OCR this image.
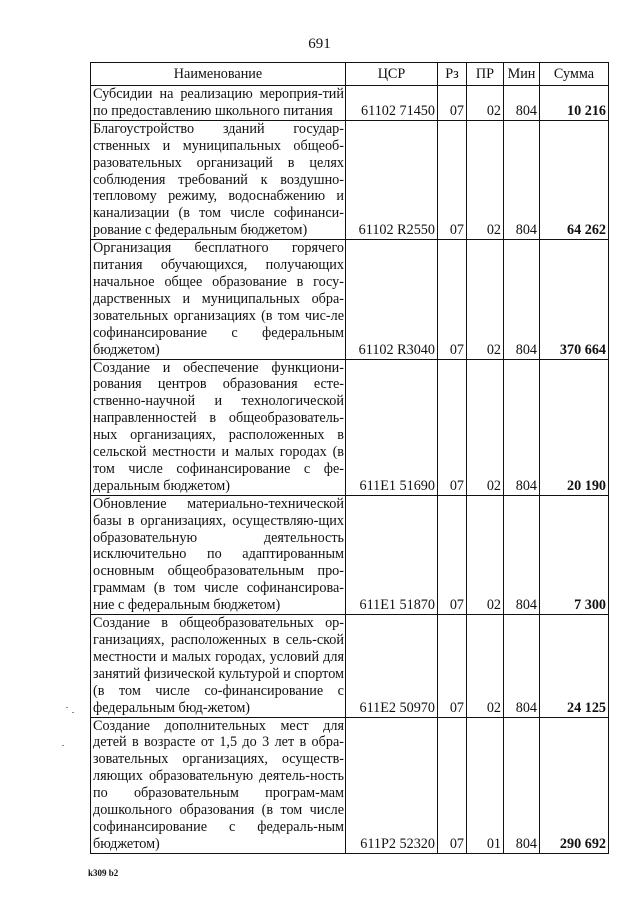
691
Наименование	ЦСР	Рз	ПР	Мин	Сумма
Субсидии на реализацию мероприя-тий по предоставлению школьного питания	61102 71450	07	02	804	10 216
Благоустройство зданий государ-ственных и муниципальных общеоб-разовательных организаций в целях соблюдения требований к воздушно-тепловому режиму, водоснабжению и канализации (в том числе софинанси-рование с федеральным бюджетом)	61102 R2550	07	02	804	64 262
Организация бесплатного горячего питания обучающихся, получающих начальное общее образование в госу-дарственных и муниципальных обра-зовательных организациях (в том чис-ле софинансирование с федеральным бюджетом)	61102 R3040	07	02	804	370 664
Создание и обеспечение функциони-рования центров образования есте-ственно-научной и технологической направленностей в общеобразователь-ных организациях, расположенных в сельской местности и малых городах (в том числе софинансирование с фе-деральным бюджетом)	611E1 51690	07	02	804	20 190
Обновление материально-технической базы в организациях, осуществляю-щих образовательную деятельность исключительно по адаптированным основным общеобразовательным про-граммам (в том числе софинансирова-ние с федеральным бюджетом)	611E1 51870	07	02	804	7 300
Создание в общеобразовательных ор-ганизациях, расположенных в сель-ской местности и малых городах, условий для занятий физической культурой и спортом (в том числе со-финансирование с федеральным бюд-жетом)	611E2 50970	07	02	804	24 125
Создание дополнительных мест для детей в возрасте от 1,5 до 3 лет в обра-зовательных организациях, осуществ-ляющих образовательную деятель-ность по образовательным програм-мам дошкольного образования (в том числе софинансирование с федераль-ным бюджетом)	611P2 52320	07	01	804	290 692
k309 b2
